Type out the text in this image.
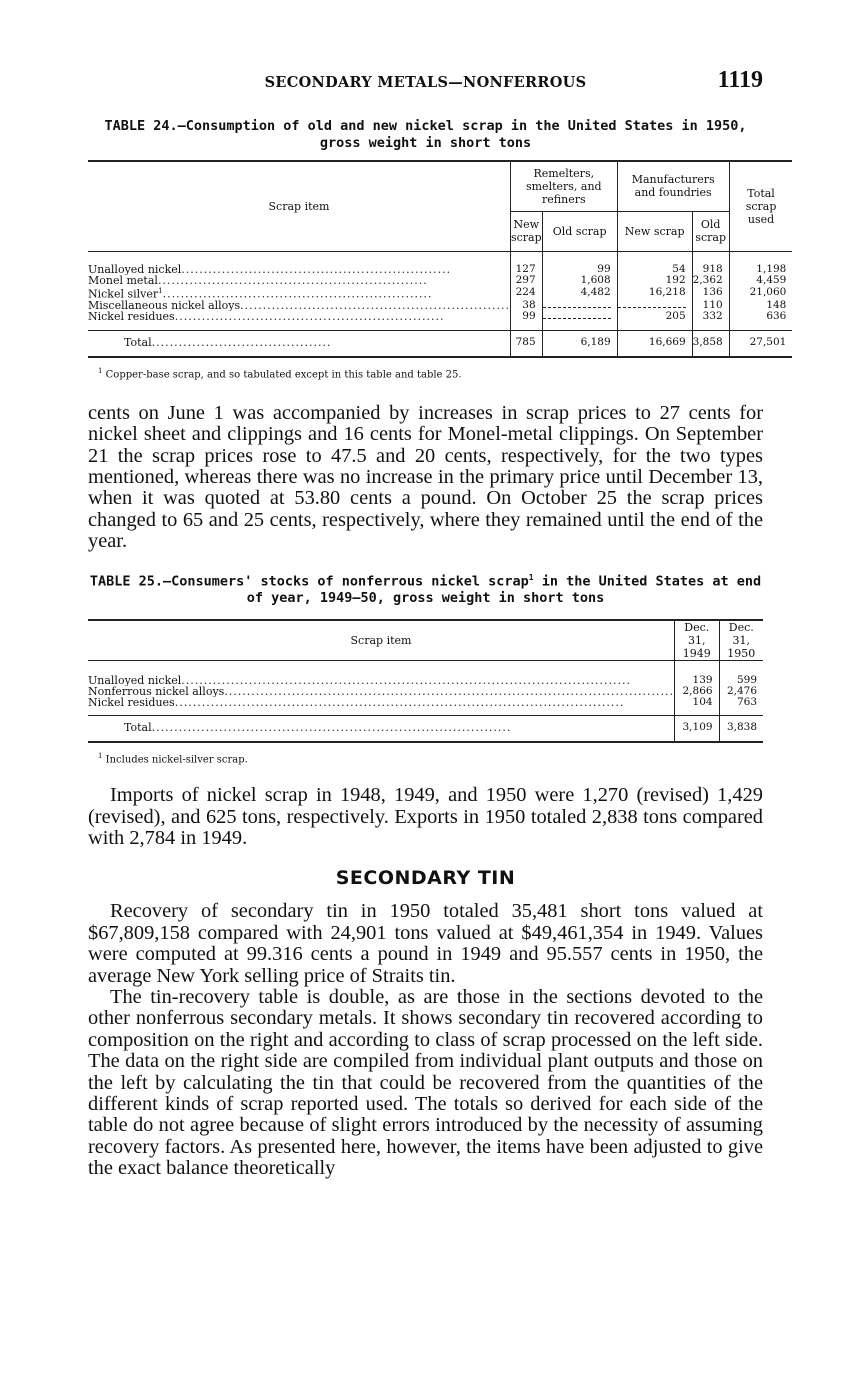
SECONDARY METALS—NONFERROUS	1119
TABLE 24.—Consumption of old and new nickel scrap in the United States in 1950, gross weight in short tons
Scrap item	Remelters, smelters, and refiners		Manufacturers and foundries		Total scrap used
	New scrap	Old scrap	New scrap	Old scrap	
Unalloyed nickel............................................................	127	99	54	918	1,198
Monel metal............................................................	297	1,608	192	2,362	4,459
Nickel silver$^1$............................................................	224	4,482	16,218	136	21,060
Miscellaneous nickel alloys............................................................	38			110	148
Nickel residues............................................................	99		205	332	636
Total........................................	785	6,189	16,669	3,858	27,501
$^1$ Copper-base scrap, and so tabulated except in this table and table 25.

cents on June 1 was accompanied by increases in scrap prices to 27 cents for nickel sheet and clippings and 16 cents for Monel-metal clippings. On September 21 the scrap prices rose to 47.5 and 20 cents, respectively, for the two types mentioned, whereas there was no increase in the primary price until December 13, when it was quoted at 53.80 cents a pound. On October 25 the scrap prices changed to 65 and 25 cents, respectively, where they remained until the end of the year.

TABLE 25.—Consumers' stocks of nonferrous nickel scrap$^1$ in the United States at end of year, 1949–50, gross weight in short tons
Scrap item	Dec. 31, 1949	Dec. 31, 1950
Unalloyed nickel....................................................................................................	139	599
Nonferrous nickel alloys....................................................................................................	2,866	2,476
Nickel residues....................................................................................................	104	763
Total................................................................................	3,109	3,838
$^1$ Includes nickel-silver scrap.

Imports of nickel scrap in 1948, 1949, and 1950 were 1,270 (revised) 1,429 (revised), and 625 tons, respectively. Exports in 1950 totaled 2,838 tons compared with 2,784 in 1949.

SECONDARY TIN

Recovery of secondary tin in 1950 totaled 35,481 short tons valued at $67,809,158 compared with 24,901 tons valued at $49,461,354 in 1949. Values were computed at 99.316 cents a pound in 1949 and 95.557 cents in 1950, the average New York selling price of Straits tin.

The tin-recovery table is double, as are those in the sections devoted to the other nonferrous secondary metals. It shows secondary tin recovered according to composition on the right and according to class of scrap processed on the left side. The data on the right side are compiled from individual plant outputs and those on the left by calculating the tin that could be recovered from the quantities of the different kinds of scrap reported used. The totals so derived for each side of the table do not agree because of slight errors introduced by the necessity of assuming recovery factors. As presented here, however, the items have been adjusted to give the exact balance theoretically
